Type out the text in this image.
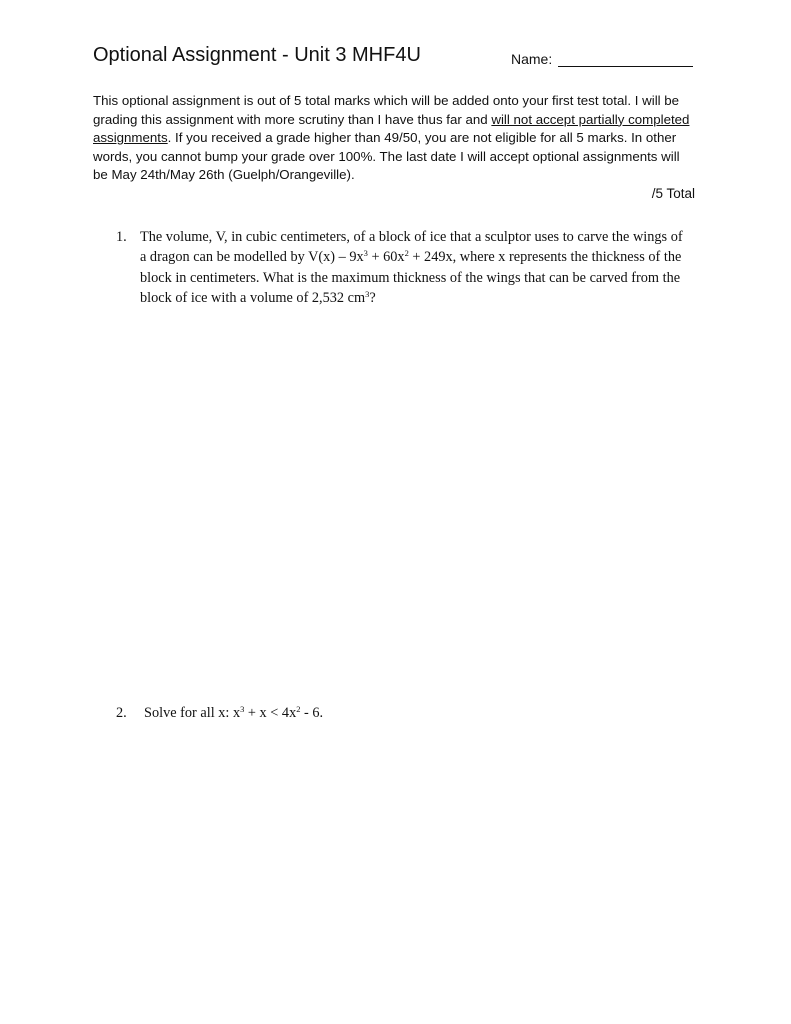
Optional Assignment - Unit 3 MHF4U	Name:

This optional assignment is out of 5 total marks which will be added onto your first test total. I will be grading this assignment with more scrutiny than I have thus far and will not accept partially completed assignments. If you received a grade higher than 49/50, you are not eligible for all 5 marks. In other words, you cannot bump your grade over 100%. The last date I will accept optional assignments will be May 24th/May 26th (Guelph/Orangeville).

/5 Total
1. The volume, V, in cubic centimeters, of a block of ice that a sculptor uses to carve the wings of a dragon can be modelled by $V(x) - 9x^3 + 60x^2 + 249x$, where x represents the thickness of the block in centimeters. What is the maximum thickness of the wings that can be carved from the block of ice with a volume of 2,532 $cm^3$?
2. Solve for all x: $x^3 + x < 4x^2 - 6$.
